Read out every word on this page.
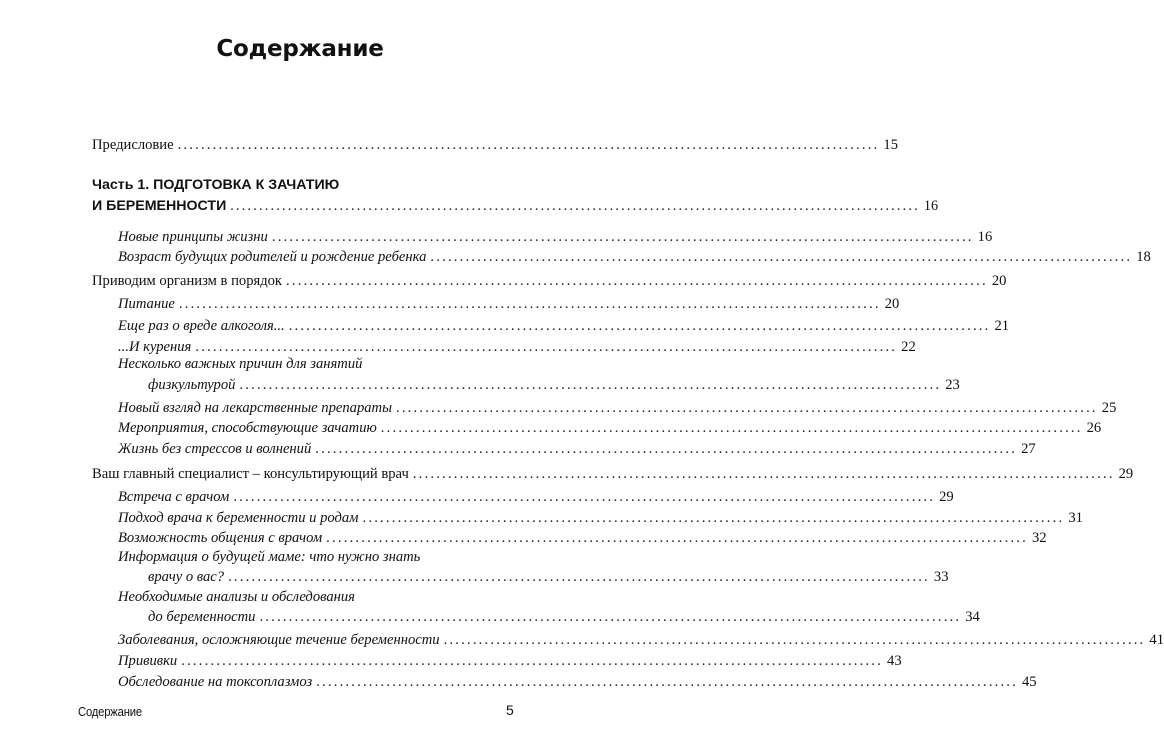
Содержание
Предисловие ........................................................................................................................ 15
Часть 1. ПОДГОТОВКА К ЗАЧАТИЮ
И БЕРЕМЕННОСТИ ........................................................................................................................ 16
Новые принципы жизни ........................................................................................................................ 16
Возраст будущих родителей и рождение ребенка ........................................................................................................................ 18
Приводим организм в порядок ........................................................................................................................ 20
Питание ........................................................................................................................ 20
Еще раз о вреде алкоголя... ........................................................................................................................ 21
...И курения ........................................................................................................................ 22
Несколько важных причин для занятий
физкультурой ........................................................................................................................ 23
Новый взгляд на лекарственные препараты ........................................................................................................................ 25
Мероприятия, способствующие зачатию ........................................................................................................................ 26
Жизнь без стрессов и волнений ........................................................................................................................ 27
Ваш главный специалист – консультирующий врач ........................................................................................................................ 29
Встреча с врачом ........................................................................................................................ 29
Подход врача к беременности и родам ........................................................................................................................ 31
Возможность общения с врачом ........................................................................................................................ 32
Информация о будущей маме: что нужно знать
врачу о вас? ........................................................................................................................ 33
Необходимые анализы и обследования
до беременности ........................................................................................................................ 34
Заболевания, осложняющие течение беременности ........................................................................................................................ 41
Прививки ........................................................................................................................ 43
Обследование на токсоплазмоз ........................................................................................................................ 45
Содержание	5
